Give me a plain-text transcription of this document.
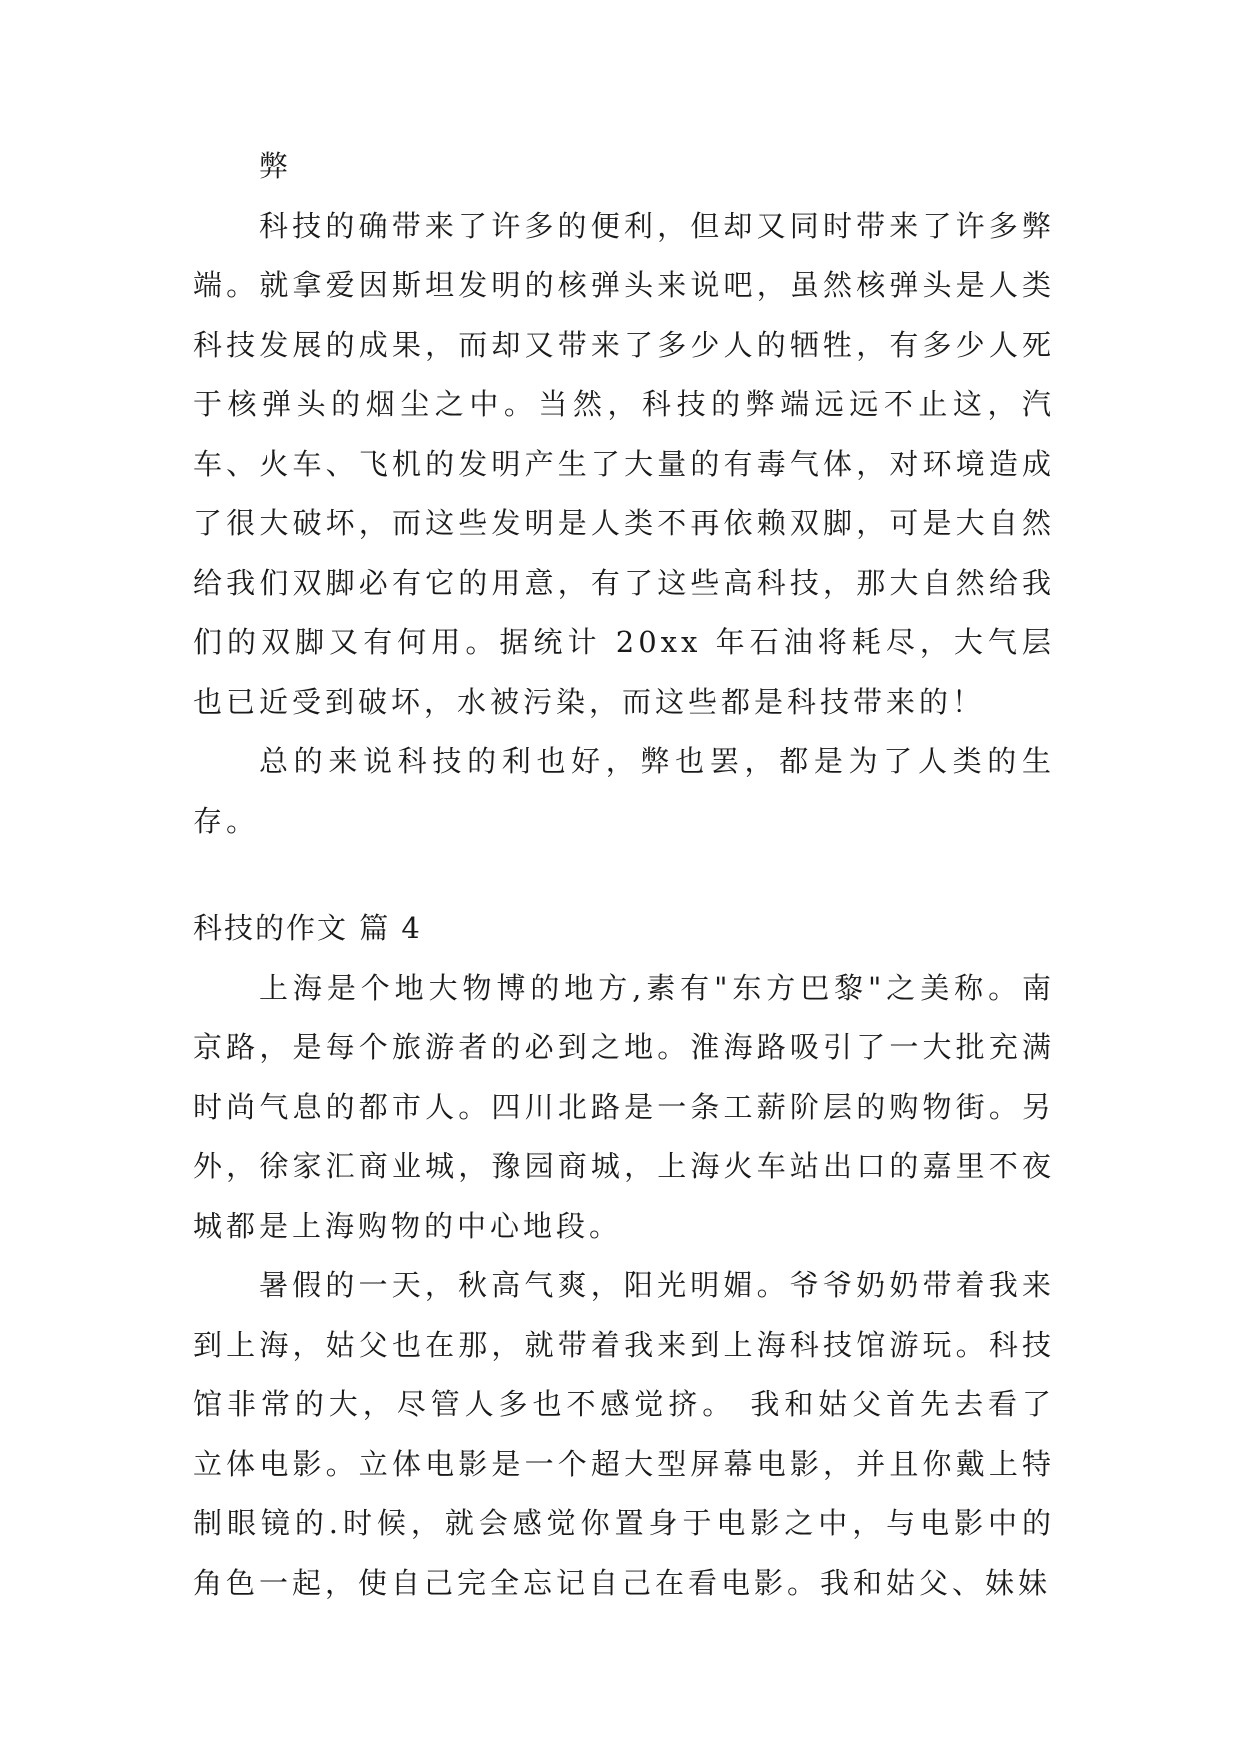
弊

科技的确带来了许多的便利，但却又同时带来了许多弊端。就拿爱因斯坦发明的核弹头来说吧，虽然核弹头是人类科技发展的成果，而却又带来了多少人的牺牲，有多少人死于核弹头的烟尘之中。当然，科技的弊端远远不止这，汽车、火车、飞机的发明产生了大量的有毒气体，对环境造成了很大破坏，而这些发明是人类不再依赖双脚，可是大自然给我们双脚必有它的用意，有了这些高科技，那大自然给我们的双脚又有何用。据统计 20xx 年石油将耗尽，大气层也已近受到破坏，水被污染，而这些都是科技带来的！

总的来说科技的利也好，弊也罢，都是为了人类的生存。

科技的作文 篇 4

上海是个地大物博的地方,素有"东方巴黎"之美称。南京路，是每个旅游者的必到之地。淮海路吸引了一大批充满时尚气息的都市人。四川北路是一条工薪阶层的购物街。另外，徐家汇商业城，豫园商城，上海火车站出口的嘉里不夜城都是上海购物的中心地段。

暑假的一天，秋高气爽，阳光明媚。爷爷奶奶带着我来到上海，姑父也在那，就带着我来到上海科技馆游玩。科技馆非常的大，尽管人多也不感觉挤。 我和姑父首先去看了立体电影。立体电影是一个超大型屏幕电影，并且你戴上特制眼镜的.时候，就会感觉你置身于电影之中，与电影中的角色一起，使自己完全忘记自己在看电影。我和姑父、妹妹
